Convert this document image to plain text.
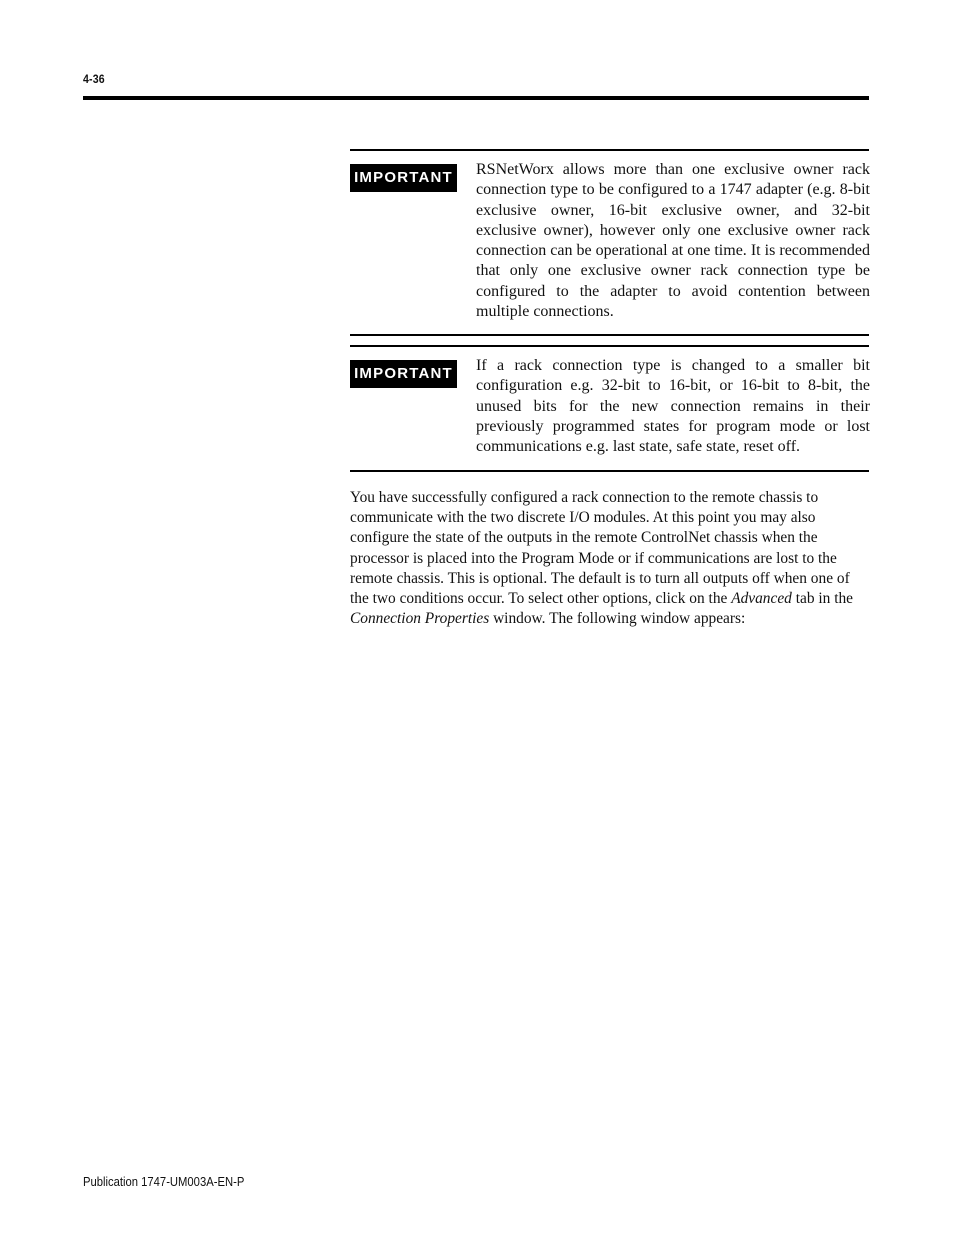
4-36
IMPORTANT RSNetWorx allows more than one exclusive owner rack connection type to be configured to a 1747 adapter (e.g. 8-bit exclusive owner, 16-bit exclusive owner, and 32-bit exclusive owner), however only one exclusive owner rack connection can be operational at one time. It is recommended that only one exclusive owner rack connection type be configured to the adapter to avoid contention between multiple connections.

IMPORTANT If a rack connection type is changed to a smaller bit configuration e.g. 32-bit to 16-bit, or 16-bit to 8-bit, the unused bits for the new connection remains in their previously programmed states for program mode or lost communications e.g. last state, safe state, reset off.

You have successfully configured a rack connection to the remote chassis to communicate with the two discrete I/O modules. At this point you may also configure the state of the outputs in the remote ControlNet chassis when the processor is placed into the Program Mode or if communications are lost to the remote chassis. This is optional. The default is to turn all outputs off when one of the two conditions occur. To select other options, click on the Advanced tab in the Connection Properties window. The following window appears:

Publication 1747-UM003A-EN-P
